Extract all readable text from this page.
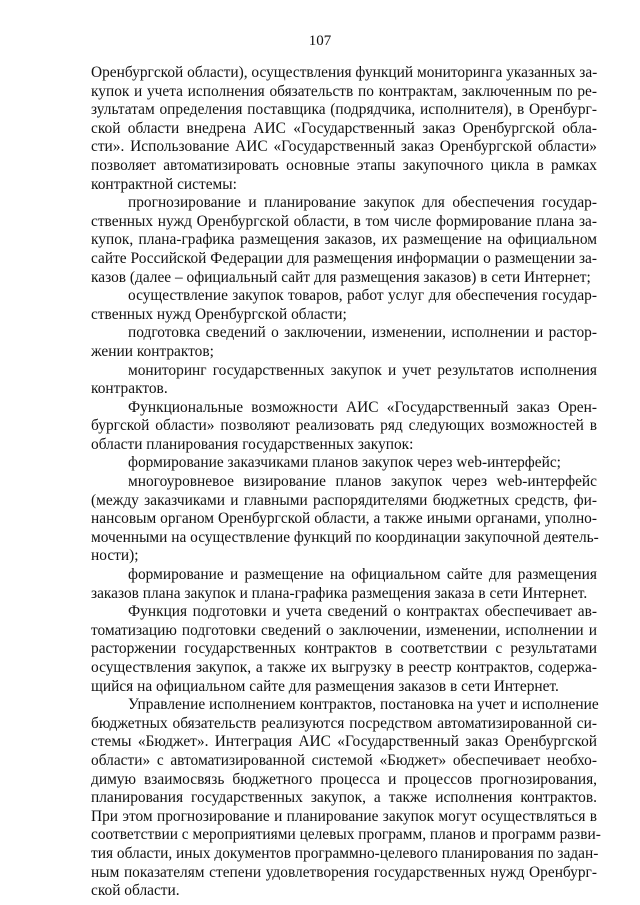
107
Оренбургской области), осуществления функций мониторинга указанных за-
купок и учета исполнения обязательств по контрактам, заключенным по ре-
зультатам определения поставщика (подрядчика, исполнителя), в Оренбург-
ской области внедрена АИС «Государственный заказ Оренбургской обла-
сти». Использование АИС «Государственный заказ Оренбургской области»
позволяет автоматизировать основные этапы закупочного цикла в рамках
контрактной системы:
прогнозирование и планирование закупок для обеспечения государ-
ственных нужд Оренбургской области, в том числе формирование плана за-
купок, плана-графика размещения заказов, их размещение на официальном
сайте Российской Федерации для размещения информации о размещении за-
казов (далее – официальный сайт для размещения заказов) в сети Интернет;
осуществление закупок товаров, работ услуг для обеспечения государ-
ственных нужд Оренбургской области;
подготовка сведений о заключении, изменении, исполнении и растор-
жении контрактов;
мониторинг государственных закупок и учет результатов исполнения
контрактов.
Функциональные возможности АИС «Государственный заказ Орен-
бургской области» позволяют реализовать ряд следующих возможностей в
области планирования государственных закупок:
формирование заказчиками планов закупок через web-интерфейс;
многоуровневое визирование планов закупок через web-интерфейс
(между заказчиками и главными распорядителями бюджетных средств, фи-
нансовым органом Оренбургской области, а также иными органами, уполно-
моченными на осуществление функций по координации закупочной деятель-
ности);
формирование и размещение на официальном сайте для размещения
заказов плана закупок и плана-графика размещения заказа в сети Интернет.
Функция подготовки и учета сведений о контрактах обеспечивает ав-
томатизацию подготовки сведений о заключении, изменении, исполнении и
расторжении государственных контрактов в соответствии с результатами
осуществления закупок, а также их выгрузку в реестр контрактов, содержа-
щийся на официальном сайте для размещения заказов в сети Интернет.
Управление исполнением контрактов, постановка на учет и исполнение
бюджетных обязательств реализуются посредством автоматизированной си-
стемы «Бюджет». Интеграция АИС «Государственный заказ Оренбургской
области» с автоматизированной системой «Бюджет» обеспечивает необхо-
димую взаимосвязь бюджетного процесса и процессов прогнозирования,
планирования государственных закупок, а также исполнения контрактов.
При этом прогнозирование и планирование закупок могут осуществляться в
соответствии с мероприятиями целевых программ, планов и программ разви-
тия области, иных документов программно-целевого планирования по задан-
ным показателям степени удовлетворения государственных нужд Оренбург-
ской области.
